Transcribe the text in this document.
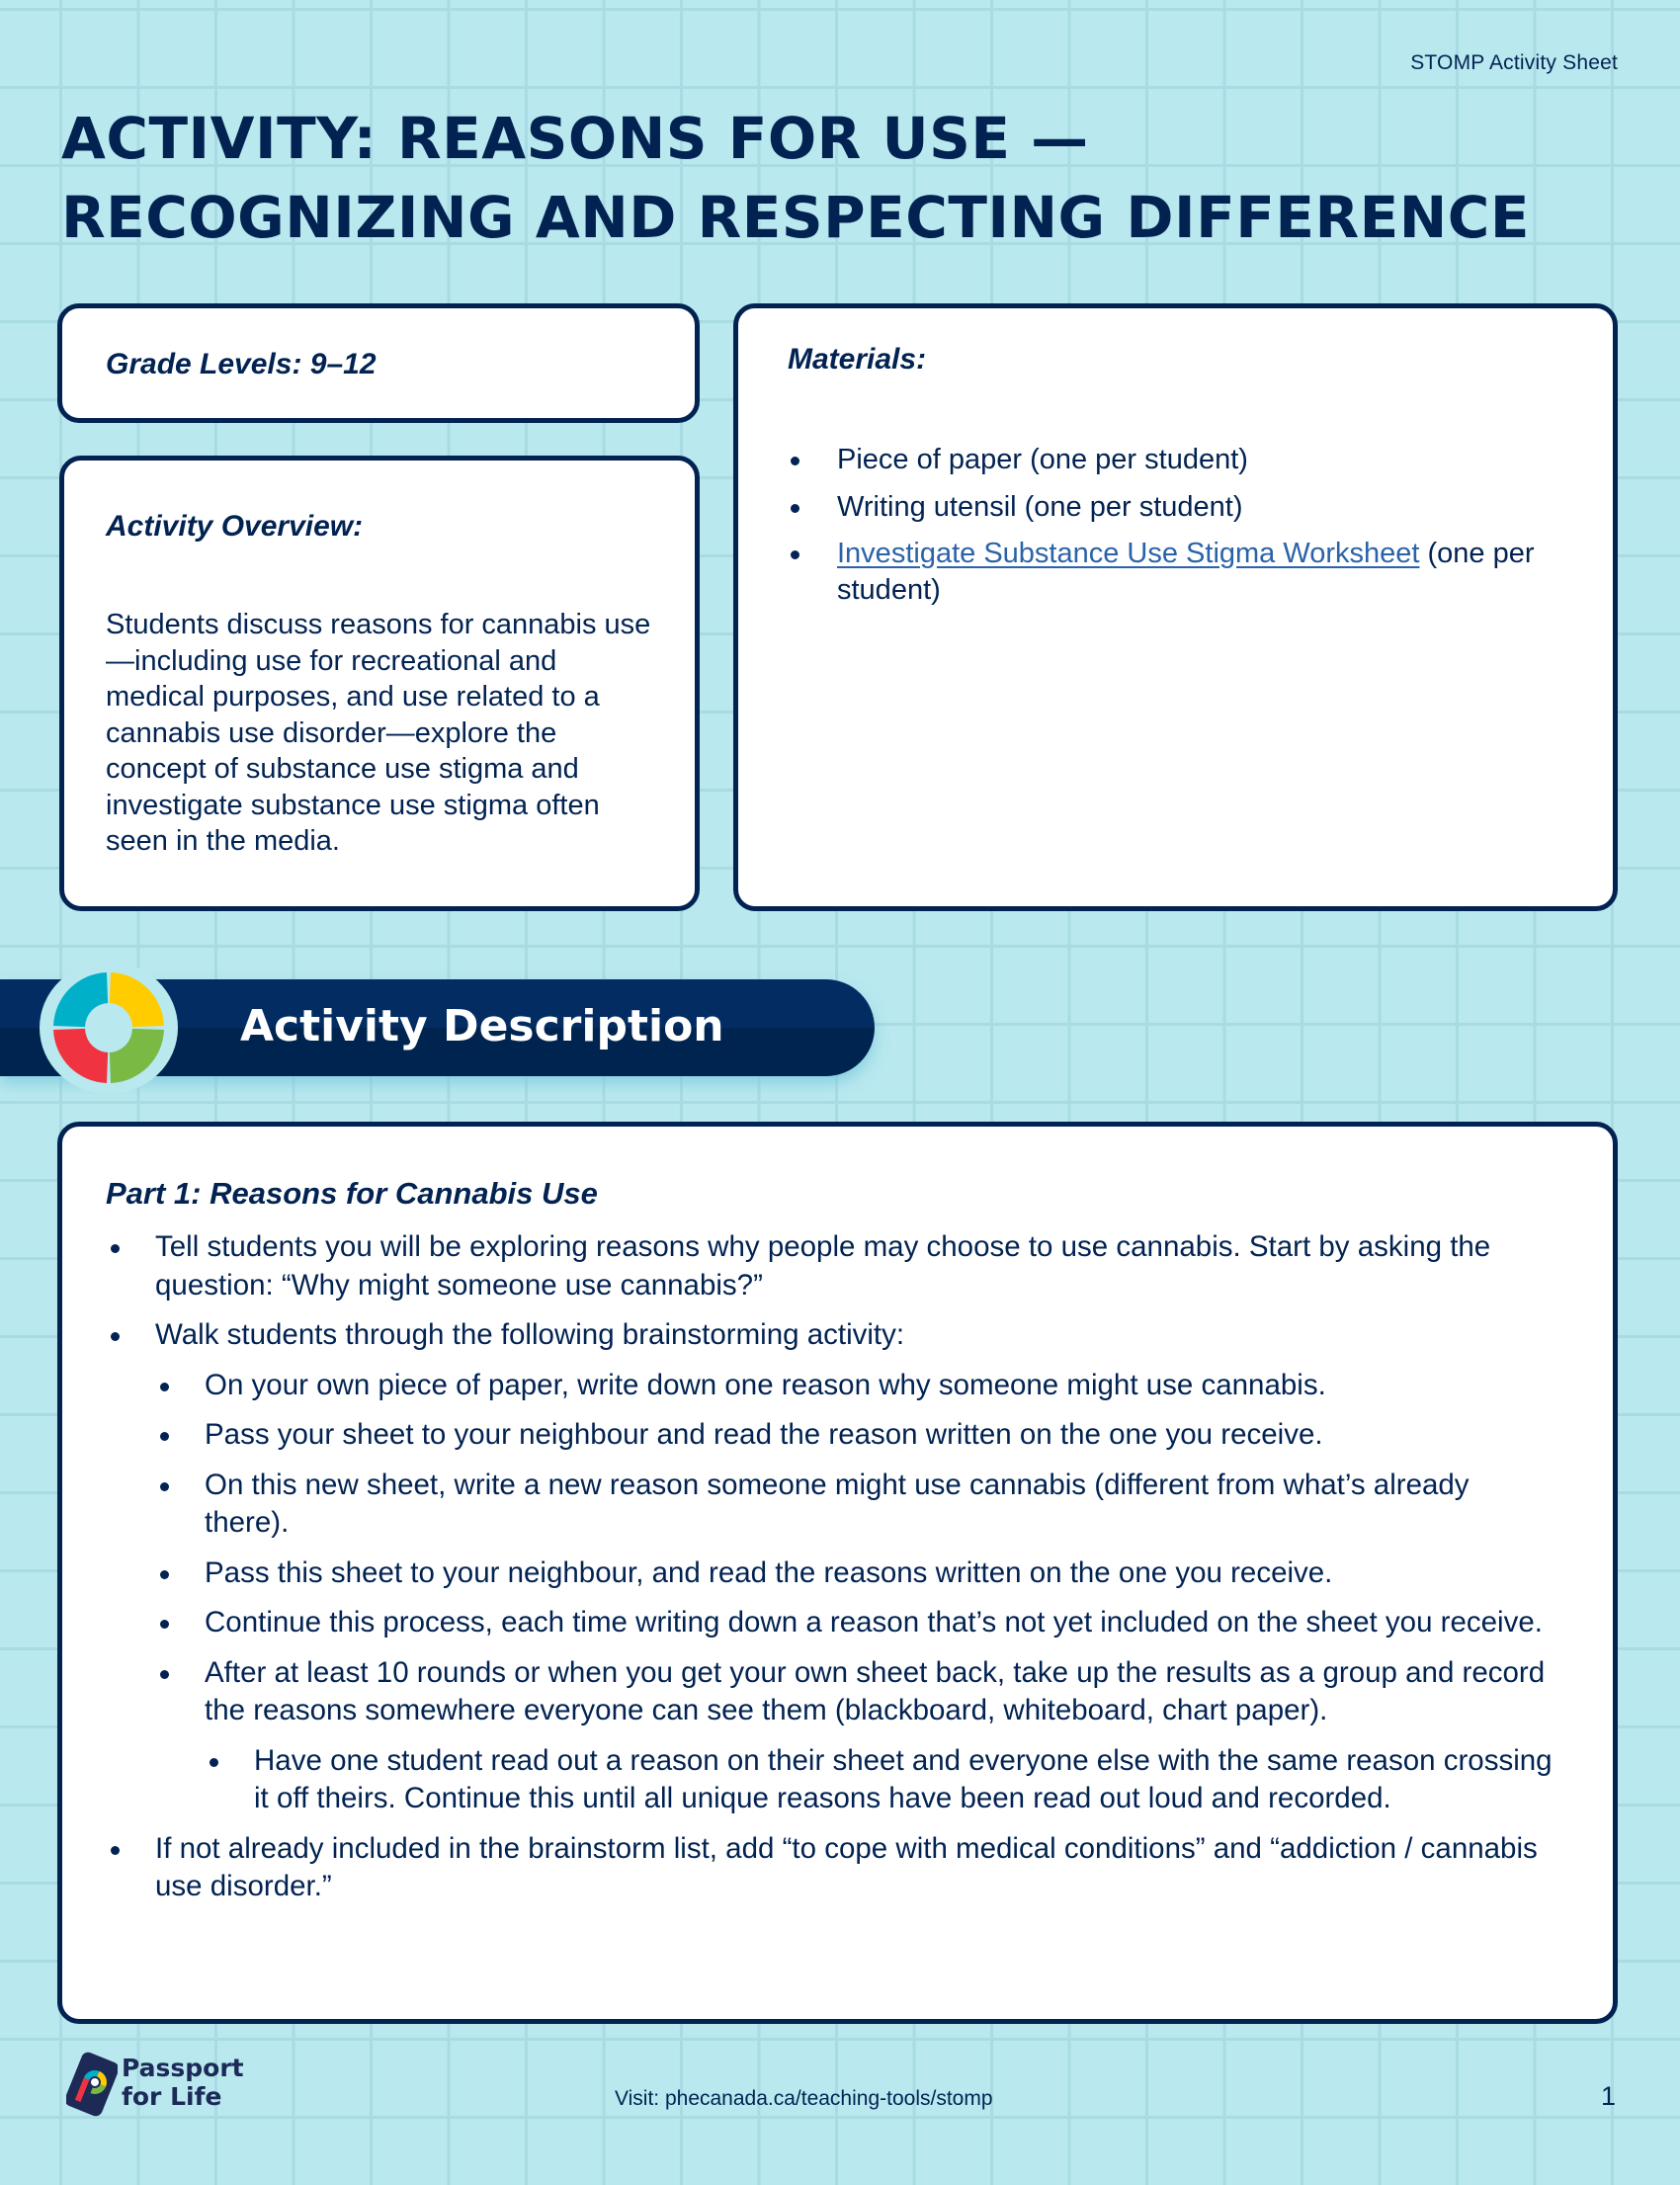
STOMP Activity Sheet
ACTIVITY: REASONS FOR USE —
RECOGNIZING AND RESPECTING DIFFERENCE

Grade Levels: 9–12

Activity Overview:

Students discuss reasons for cannabis use—including use for recreational and medical purposes, and use related to a cannabis use disorder—explore the concept of substance use stigma and investigate substance use stigma often seen in the media.

Materials:

Piece of paper (one per student)
Writing utensil (one per student)
Investigate Substance Use Stigma Worksheet (one per student)
Activity Description

Part 1: Reasons for Cannabis Use

Tell students you will be exploring reasons why people may choose to use cannabis. Start by asking the question: “Why might someone use cannabis?”
Walk students through the following brainstorming activity:
On your own piece of paper, write down one reason why someone might use cannabis.
Pass your sheet to your neighbour and read the reason written on the one you receive.
On this new sheet, write a new reason someone might use cannabis (different from what’s already there).
Pass this sheet to your neighbour, and read the reasons written on the one you receive.
Continue this process, each time writing down a reason that’s not yet included on the sheet you receive.
After at least 10 rounds or when you get your own sheet back, take up the results as a group and record the reasons somewhere everyone can see them (blackboard, whiteboard, chart paper).
Have one student read out a reason on their sheet and everyone else with the same reason crossing it off theirs. Continue this until all unique reasons have been read out loud and recorded.
If not already included in the brainstorm list, add “to cope with medical conditions” and “addiction / cannabis use disorder.”
Passport
for Life	Visit: phecanada.ca/teaching-tools/stomp	1
